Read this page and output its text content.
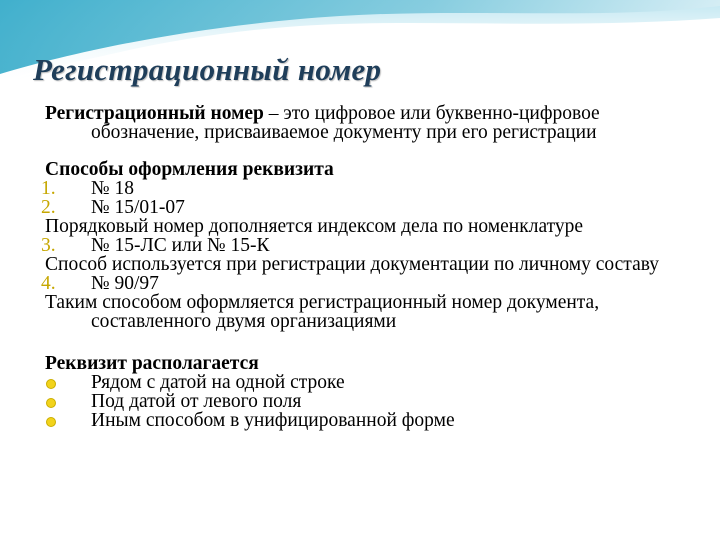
Регистрационный номер

Регистрационный номер – это цифровое или буквенно-цифровое обозначение, присваиваемое документу при его регистрации

Способы оформления реквизита

1. № 18
2. № 15/01-07

Порядковый номер дополняется индексом дела по номенклатуре

3. № 15-ЛС или № 15-К

Способ используется при регистрации документации по личному составу

4. № 90/97

Таким способом оформляется регистрационный номер документа, составленного двумя организациями

Реквизит располагается

Рядом с датой на одной строке
Под датой от левого поля
Иным способом в унифицированной форме
